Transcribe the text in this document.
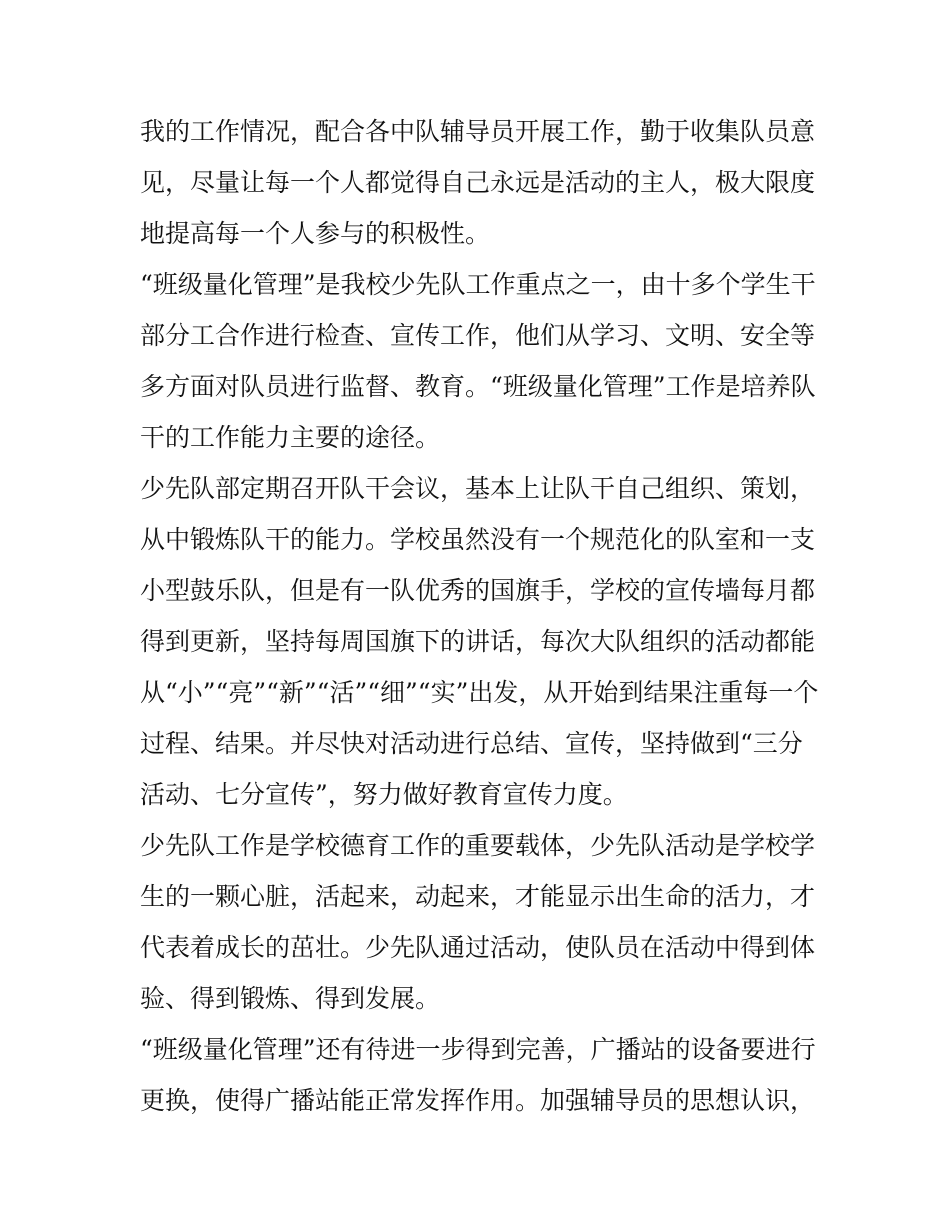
我的工作情况，配合各中队辅导员开展工作，勤于收集队员意
见，尽量让每一个人都觉得自己永远是活动的主人，极大限度
地提高每一个人参与的积极性。

“班级量化管理”是我校少先队工作重点之一，由十多个学生干
部分工合作进行检查、宣传工作，他们从学习、文明、安全等
多方面对队员进行监督、教育。“班级量化管理”工作是培养队
干的工作能力主要的途径。

少先队部定期召开队干会议，基本上让队干自己组织、策划，
从中锻炼队干的能力。学校虽然没有一个规范化的队室和一支
小型鼓乐队，但是有一队优秀的国旗手，学校的宣传墙每月都
得到更新，坚持每周国旗下的讲话，每次大队组织的活动都能
从“小”“亮”“新”“活”“细”“实”出发，从开始到结果注重每一个
过程、结果。并尽快对活动进行总结、宣传，坚持做到“三分
活动、七分宣传”，努力做好教育宣传力度。

少先队工作是学校德育工作的重要载体，少先队活动是学校学
生的一颗心脏，活起来，动起来，才能显示出生命的活力，才
代表着成长的茁壮。少先队通过活动，使队员在活动中得到体
验、得到锻炼、得到发展。

“班级量化管理”还有待进一步得到完善，广播站的设备要进行
更换，使得广播站能正常发挥作用。加强辅导员的思想认识，
